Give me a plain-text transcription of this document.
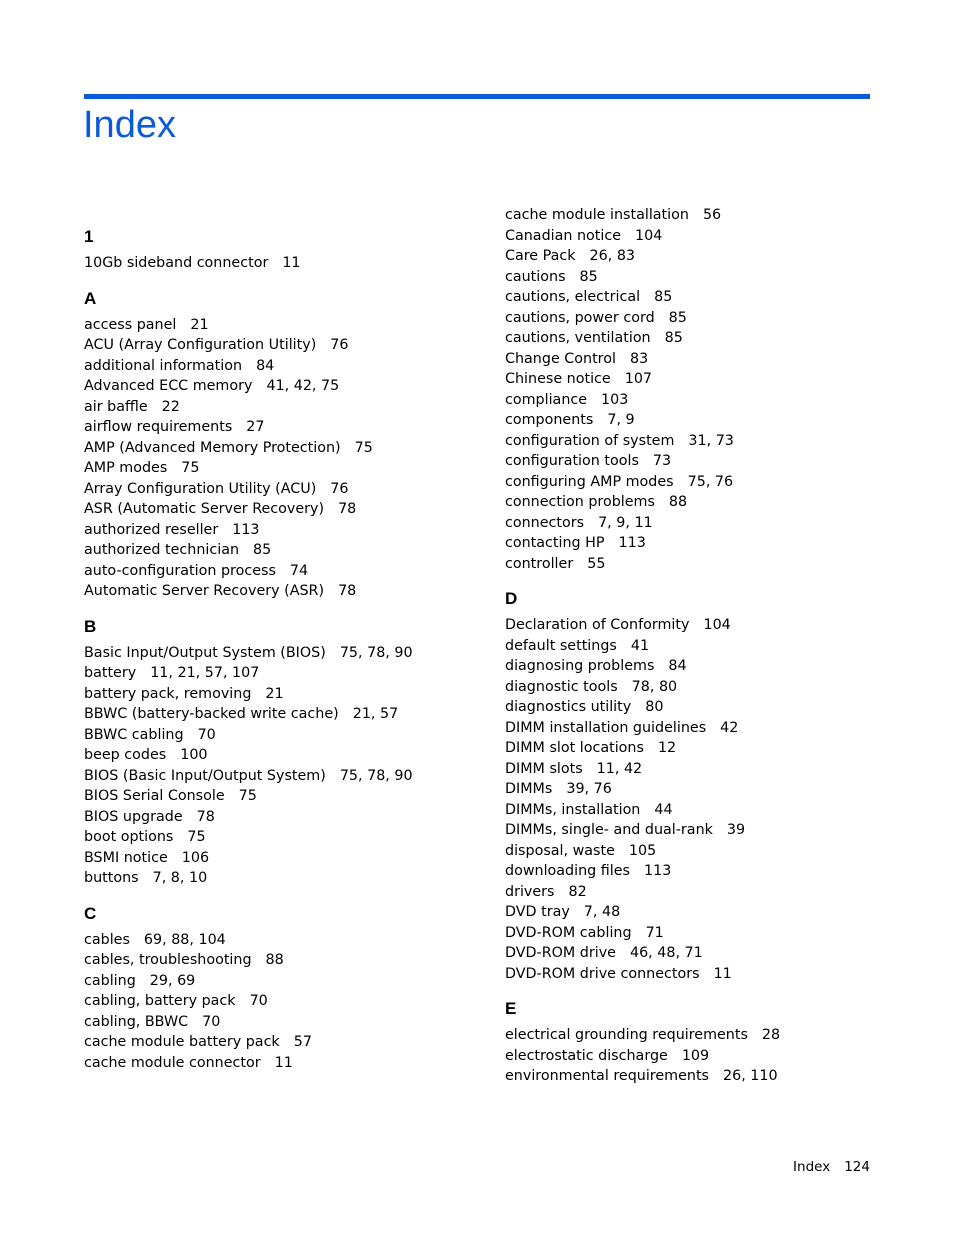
Index
1
10Gb sideband connector 11
A
access panel 21
ACU (Array Configuration Utility) 76
additional information 84
Advanced ECC memory 41, 42, 75
air baffle 22
airflow requirements 27
AMP (Advanced Memory Protection) 75
AMP modes 75
Array Configuration Utility (ACU) 76
ASR (Automatic Server Recovery) 78
authorized reseller 113
authorized technician 85
auto-configuration process 74
Automatic Server Recovery (ASR) 78
B
Basic Input/Output System (BIOS) 75, 78, 90
battery 11, 21, 57, 107
battery pack, removing 21
BBWC (battery-backed write cache) 21, 57
BBWC cabling 70
beep codes 100
BIOS (Basic Input/Output System) 75, 78, 90
BIOS Serial Console 75
BIOS upgrade 78
boot options 75
BSMI notice 106
buttons 7, 8, 10
C
cables 69, 88, 104
cables, troubleshooting 88
cabling 29, 69
cabling, battery pack 70
cabling, BBWC 70
cache module battery pack 57
cache module connector 11
cache module installation 56
Canadian notice 104
Care Pack 26, 83
cautions 85
cautions, electrical 85
cautions, power cord 85
cautions, ventilation 85
Change Control 83
Chinese notice 107
compliance 103
components 7, 9
configuration of system 31, 73
configuration tools 73
configuring AMP modes 75, 76
connection problems 88
connectors 7, 9, 11
contacting HP 113
controller 55
D
Declaration of Conformity 104
default settings 41
diagnosing problems 84
diagnostic tools 78, 80
diagnostics utility 80
DIMM installation guidelines 42
DIMM slot locations 12
DIMM slots 11, 42
DIMMs 39, 76
DIMMs, installation 44
DIMMs, single- and dual-rank 39
disposal, waste 105
downloading files 113
drivers 82
DVD tray 7, 48
DVD-ROM cabling 71
DVD-ROM drive 46, 48, 71
DVD-ROM drive connectors 11
E
electrical grounding requirements 28
electrostatic discharge 109
environmental requirements 26, 110
Index 124
